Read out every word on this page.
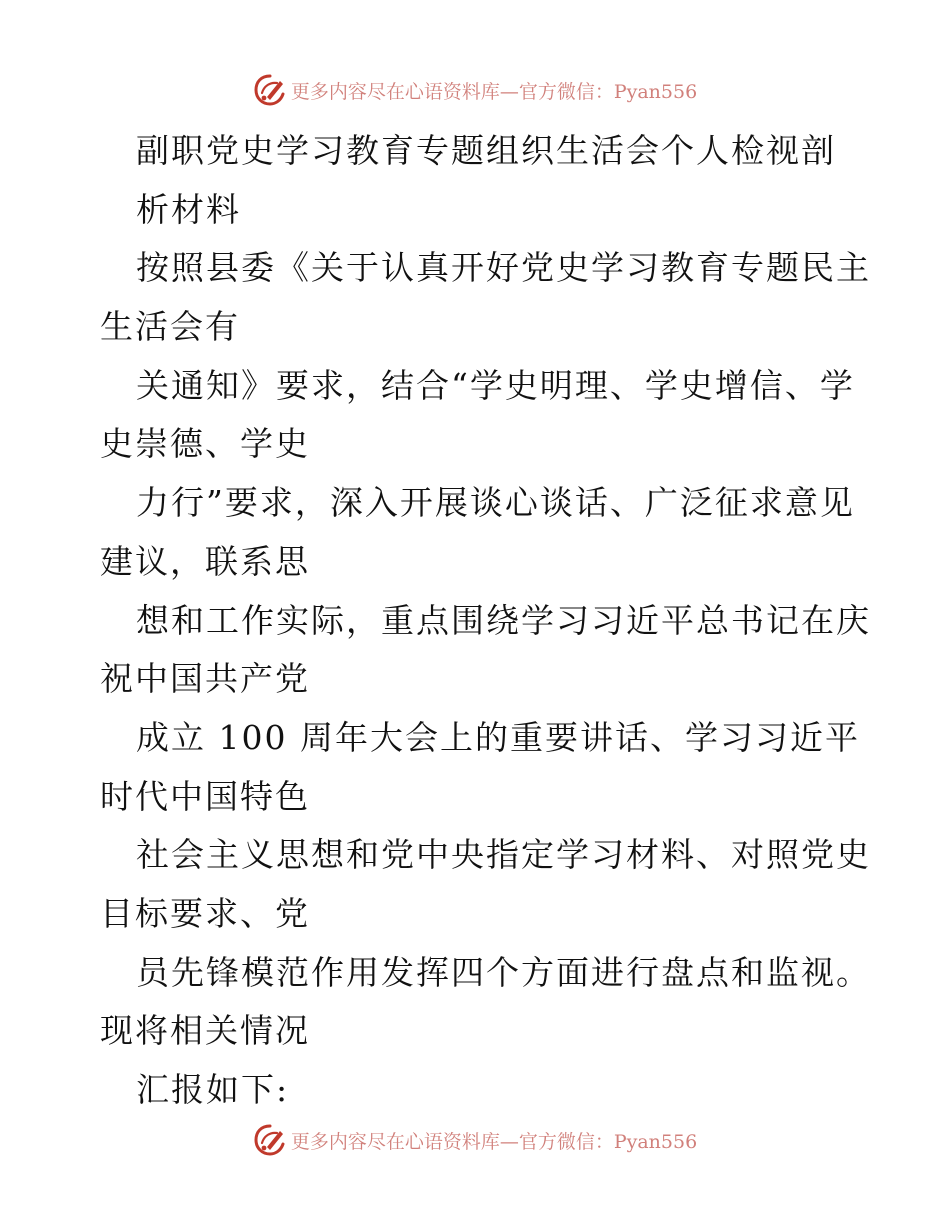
更多内容尽在心语资料库—官方微信：Pyan556
副职党史学习教育专题组织生活会个人检视剖
析材料
按照县委《关于认真开好党史学习教育专题民主
生活会有
关通知》要求，结合“学史明理、学史增信、学
史崇德、学史
力行”要求，深入开展谈心谈话、广泛征求意见
建议，联系思
想和工作实际，重点围绕学习习近平总书记在庆
祝中国共产党
成立 100 周年大会上的重要讲话、学习习近平
时代中国特色
社会主义思想和党中央指定学习材料、对照党史
目标要求、党
员先锋模范作用发挥四个方面进行盘点和监视。
现将相关情况
汇报如下:
更多内容尽在心语资料库—官方微信：Pyan556
